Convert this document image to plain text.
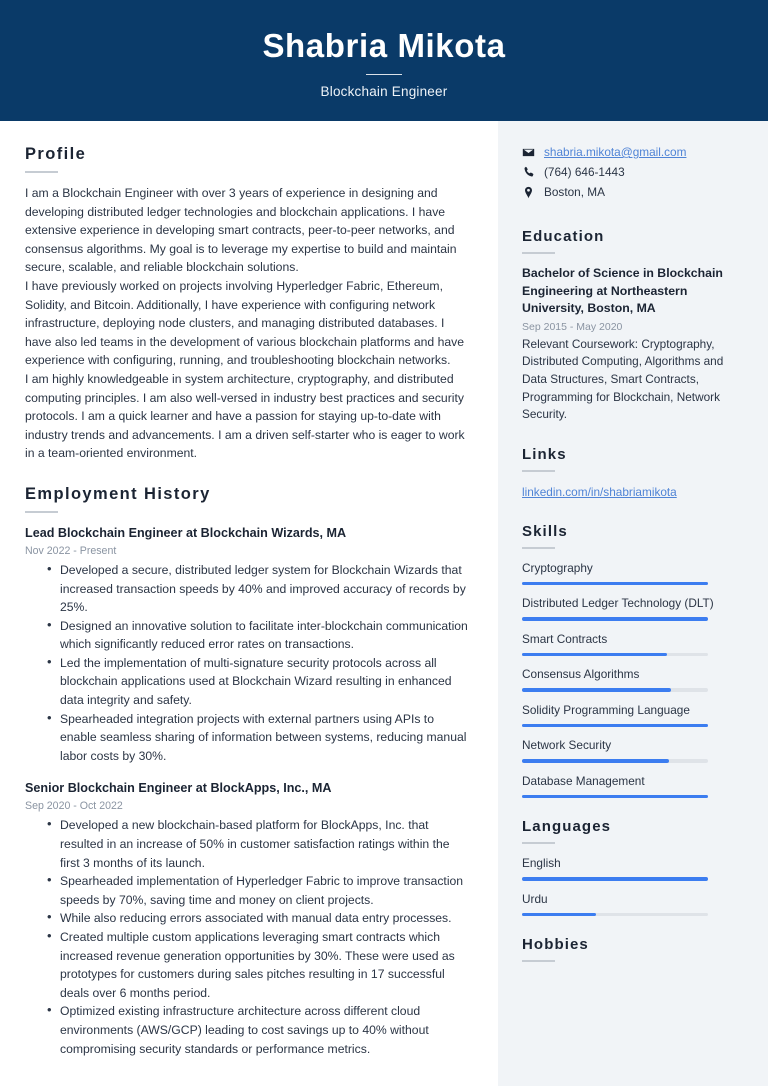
Shabria Mikota
Blockchain Engineer
Profile

I am a Blockchain Engineer with over 3 years of experience in designing and developing distributed ledger technologies and blockchain applications. I have extensive experience in developing smart contracts, peer-to-peer networks, and consensus algorithms. My goal is to leverage my expertise to build and maintain secure, scalable, and reliable blockchain solutions.

I have previously worked on projects involving Hyperledger Fabric, Ethereum, Solidity, and Bitcoin. Additionally, I have experience with configuring network infrastructure, deploying node clusters, and managing distributed databases. I have also led teams in the development of various blockchain platforms and have experience with configuring, running, and troubleshooting blockchain networks.

I am highly knowledgeable in system architecture, cryptography, and distributed computing principles. I am also well-versed in industry best practices and security protocols. I am a quick learner and have a passion for staying up-to-date with industry trends and advancements. I am a driven self-starter who is eager to work in a team-oriented environment.

Employment History
Lead Blockchain Engineer at Blockchain Wizards, MA
Nov 2022 - Present
• Developed a secure, distributed ledger system for Blockchain Wizards that increased transaction speeds by 40% and improved accuracy of records by 25%.
• Designed an innovative solution to facilitate inter-blockchain communication which significantly reduced error rates on transactions.
• Led the implementation of multi-signature security protocols across all blockchain applications used at Blockchain Wizard resulting in enhanced data integrity and safety.
• Spearheaded integration projects with external partners using APIs to enable seamless sharing of information between systems, reducing manual labor costs by 30%.
Senior Blockchain Engineer at BlockApps, Inc., MA
Sep 2020 - Oct 2022
• Developed a new blockchain-based platform for BlockApps, Inc. that resulted in an increase of 50% in customer satisfaction ratings within the first 3 months of its launch.
• Spearheaded implementation of Hyperledger Fabric to improve transaction speeds by 70%, saving time and money on client projects.
• While also reducing errors associated with manual data entry processes.
• Created multiple custom applications leveraging smart contracts which increased revenue generation opportunities by 30%. These were used as prototypes for customers during sales pitches resulting in 17 successful deals over 6 months period.
• Optimized existing infrastructure architecture across different cloud environments (AWS/GCP) leading to cost savings up to 40% without compromising security standards or performance metrics.
shabria.mikota@gmail.com
(764) 646-1443
Boston, MA
Education
Bachelor of Science in Blockchain Engineering at Northeastern University, Boston, MA
Sep 2015 - May 2020
Relevant Coursework: Cryptography, Distributed Computing, Algorithms and Data Structures, Smart Contracts, Programming for Blockchain, Network Security.
Links
linkedin.com/in/shabriamikota
Skills
Cryptography
Distributed Ledger Technology (DLT)
Smart Contracts
Consensus Algorithms
Solidity Programming Language
Network Security
Database Management
Languages
English
Urdu
Hobbies
